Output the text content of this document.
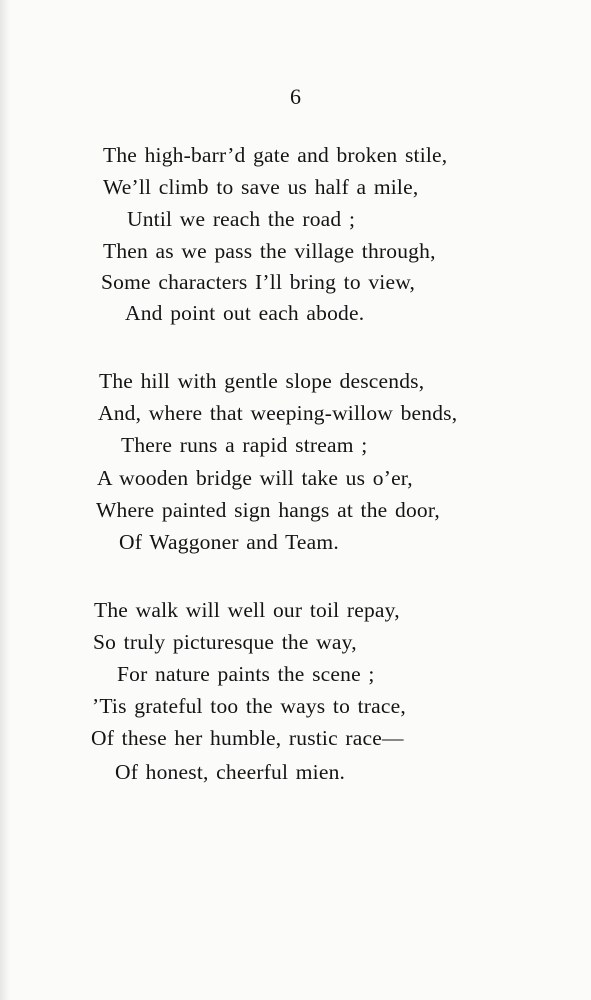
6
The high-barr’d gate and broken stile,
We’ll climb to save us half a mile,
Until we reach the road ;
Then as we pass the village through,
Some characters I’ll bring to view,
And point out each abode.
The hill with gentle slope descends,
And, where that weeping-willow bends,
There runs a rapid stream ;
A wooden bridge will take us o’er,
Where painted sign hangs at the door,
Of Waggoner and Team.
The walk will well our toil repay,
So truly picturesque the way,
For nature paints the scene ;
’Tis grateful too the ways to trace,
Of these her humble, rustic race—
Of honest, cheerful mien.
